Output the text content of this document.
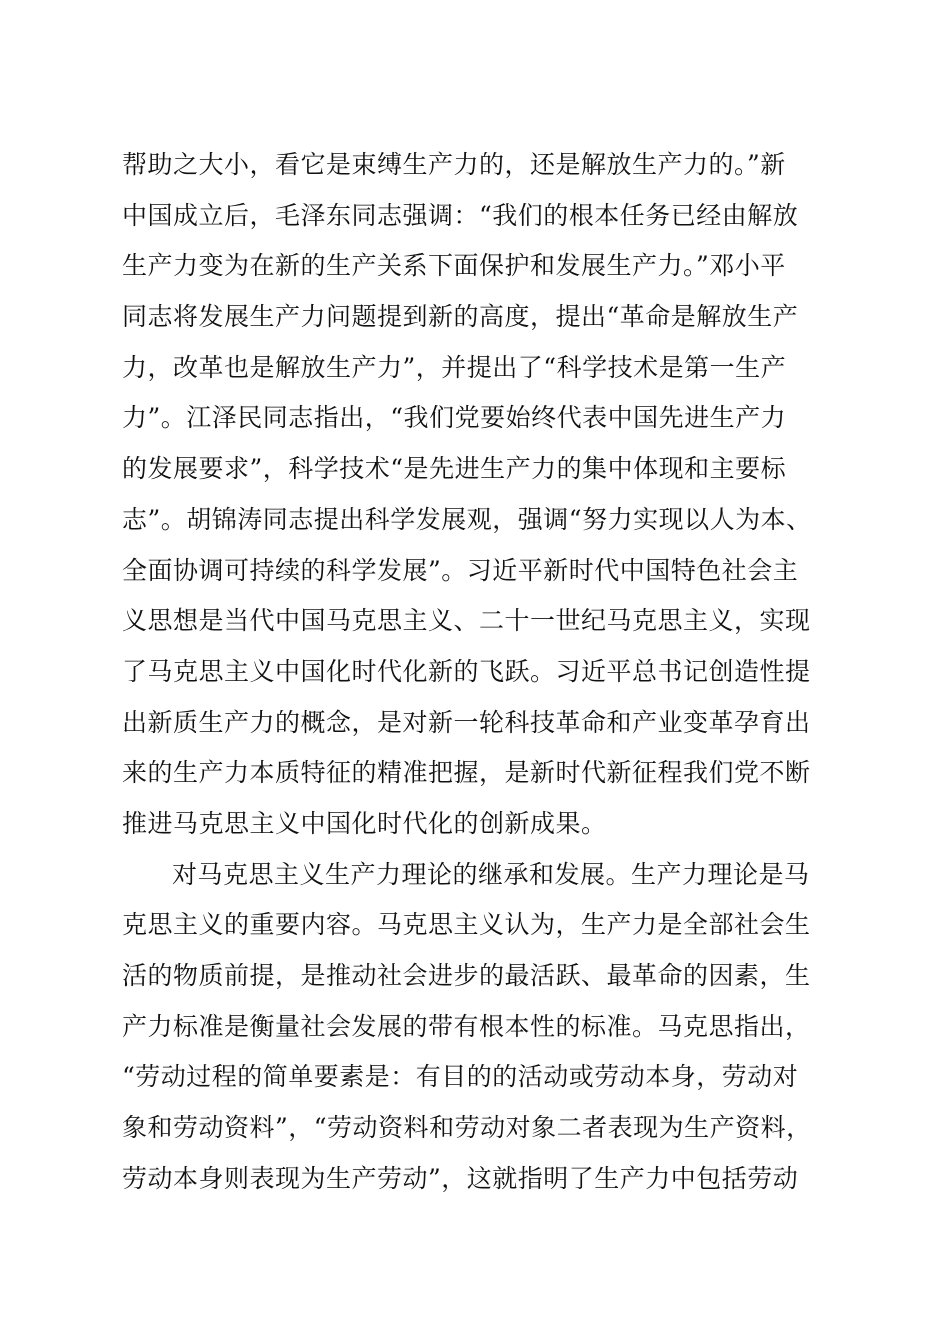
帮助之大小，看它是束缚生产力的，还是解放生产力的。”新
中国成立后，毛泽东同志强调：“我们的根本任务已经由解放
生产力变为在新的生产关系下面保护和发展生产力。”邓小平
同志将发展生产力问题提到新的高度，提出“革命是解放生产
力，改革也是解放生产力”，并提出了“科学技术是第一生产
力”。江泽民同志指出，“我们党要始终代表中国先进生产力
的发展要求”，科学技术“是先进生产力的集中体现和主要标
志”。胡锦涛同志提出科学发展观，强调“努力实现以人为本、
全面协调可持续的科学发展”。习近平新时代中国特色社会主
义思想是当代中国马克思主义、二十一世纪马克思主义，实现
了马克思主义中国化时代化新的飞跃。习近平总书记创造性提
出新质生产力的概念，是对新一轮科技革命和产业变革孕育出
来的生产力本质特征的精准把握，是新时代新征程我们党不断
推进马克思主义中国化时代化的创新成果。
对马克思主义生产力理论的继承和发展。生产力理论是马
克思主义的重要内容。马克思主义认为，生产力是全部社会生
活的物质前提，是推动社会进步的最活跃、最革命的因素，生
产力标准是衡量社会发展的带有根本性的标准。马克思指出，
“劳动过程的简单要素是：有目的的活动或劳动本身，劳动对
象和劳动资料”，“劳动资料和劳动对象二者表现为生产资料，
劳动本身则表现为生产劳动”，这就指明了生产力中包括劳动
